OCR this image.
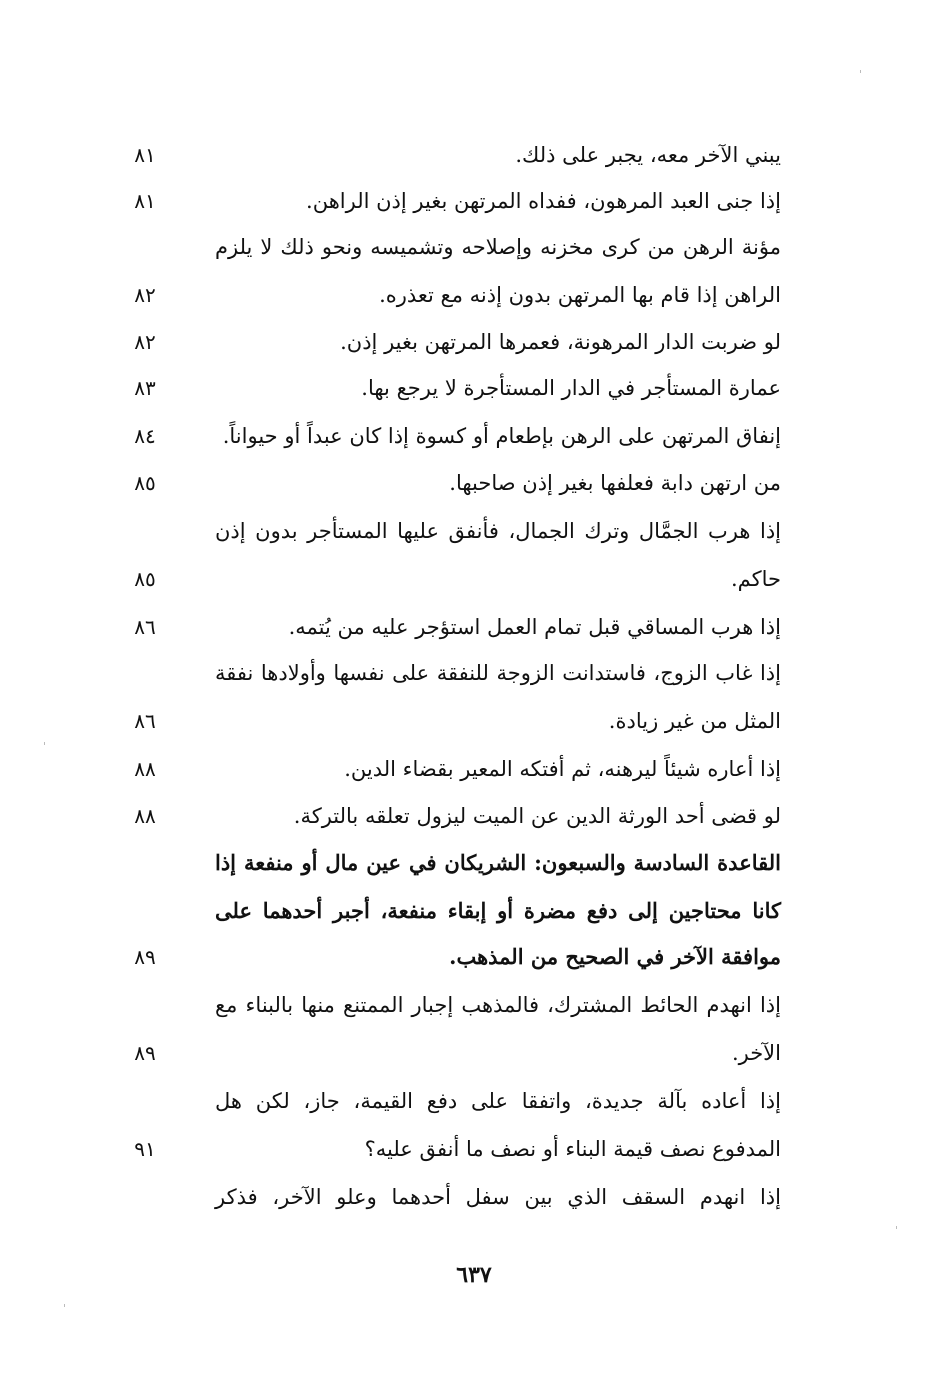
يبني الآخر معه، يجبر على ذلك.
٨١
إذا جنى العبد المرهون، ففداه المرتهن بغير إذن الراهن.
٨١
مؤنة الرهن من كرى مخزنه وإصلاحه وتشميسه ونحو ذلك لا يلزم
الراهن إذا قام بها المرتهن بدون إذنه مع تعذره.
٨٢
لو ضربت الدار المرهونة، فعمرها المرتهن بغير إذن.
٨٢
عمارة المستأجر في الدار المستأجرة لا يرجع بها.
٨٣
إنفاق المرتهن على الرهن بإطعام أو كسوة إذا كان عبداً أو حيواناً.
٨٤
من ارتهن دابة فعلفها بغير إذن صاحبها.
٨٥
إذا هرب الجمَّال وترك الجمال، فأنفق عليها المستأجر بدون إذن
حاكم.
٨٥
إذا هرب المساقي قبل تمام العمل استؤجر عليه من يُتمه.
٨٦
إذا غاب الزوج، فاستدانت الزوجة للنفقة على نفسها وأولادها نفقة
المثل من غير زيادة.
٨٦
إذا أعاره شيئاً ليرهنه، ثم أفتكه المعير بقضاء الدين.
٨٨
لو قضى أحد الورثة الدين عن الميت ليزول تعلقه بالتركة.
٨٨
القاعدة السادسة والسبعون: الشريكان في عين مال أو منفعة إذا
كانا محتاجين إلى دفع مضرة أو إبقاء منفعة، أجبر أحدهما على
موافقة الآخر في الصحيح من المذهب.
٨٩
إذا انهدم الحائط المشترك، فالمذهب إجبار الممتنع منها بالبناء مع
الآخر.
٨٩
إذا أعاده بآلة جديدة، واتفقا على دفع القيمة، جاز، لكن هل
المدفوع نصف قيمة البناء أو نصف ما أنفق عليه؟
٩١
إذا انهدم السقف الذي بين سفل أحدهما وعلو الآخر، فذكر
٦٣٧
